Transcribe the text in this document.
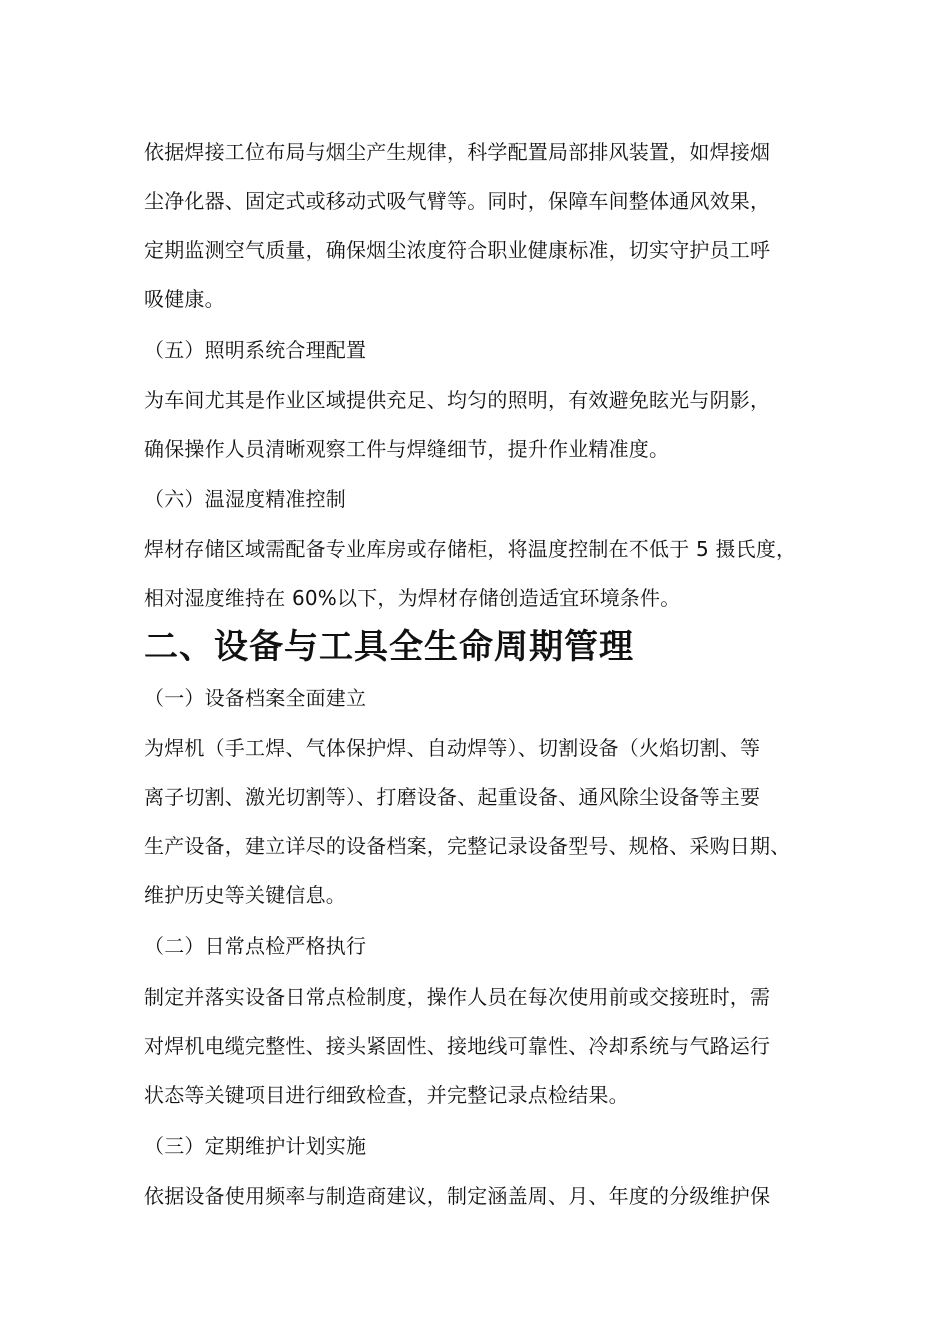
依据焊接工位布局与烟尘产生规律，科学配置局部排风装置，如焊接烟
尘净化器、固定式或移动式吸气臂等。同时，保障车间整体通风效果，
定期监测空气质量，确保烟尘浓度符合职业健康标准，切实守护员工呼
吸健康。
（五）照明系统合理配置
为车间尤其是作业区域提供充足、均匀的照明，有效避免眩光与阴影，
确保操作人员清晰观察工件与焊缝细节，提升作业精准度。
（六）温湿度精准控制
焊材存储区域需配备专业库房或存储柜，将温度控制在不低于 5 摄氏度，
相对湿度维持在 60%以下，为焊材存储创造适宜环境条件。
二、设备与工具全生命周期管理
（一）设备档案全面建立
为焊机（手工焊、气体保护焊、自动焊等）、切割设备（火焰切割、等
离子切割、激光切割等）、打磨设备、起重设备、通风除尘设备等主要
生产设备，建立详尽的设备档案，完整记录设备型号、规格、采购日期、
维护历史等关键信息。
（二）日常点检严格执行
制定并落实设备日常点检制度，操作人员在每次使用前或交接班时，需
对焊机电缆完整性、接头紧固性、接地线可靠性、冷却系统与气路运行
状态等关键项目进行细致检查，并完整记录点检结果。
（三）定期维护计划实施
依据设备使用频率与制造商建议，制定涵盖周、月、年度的分级维护保
